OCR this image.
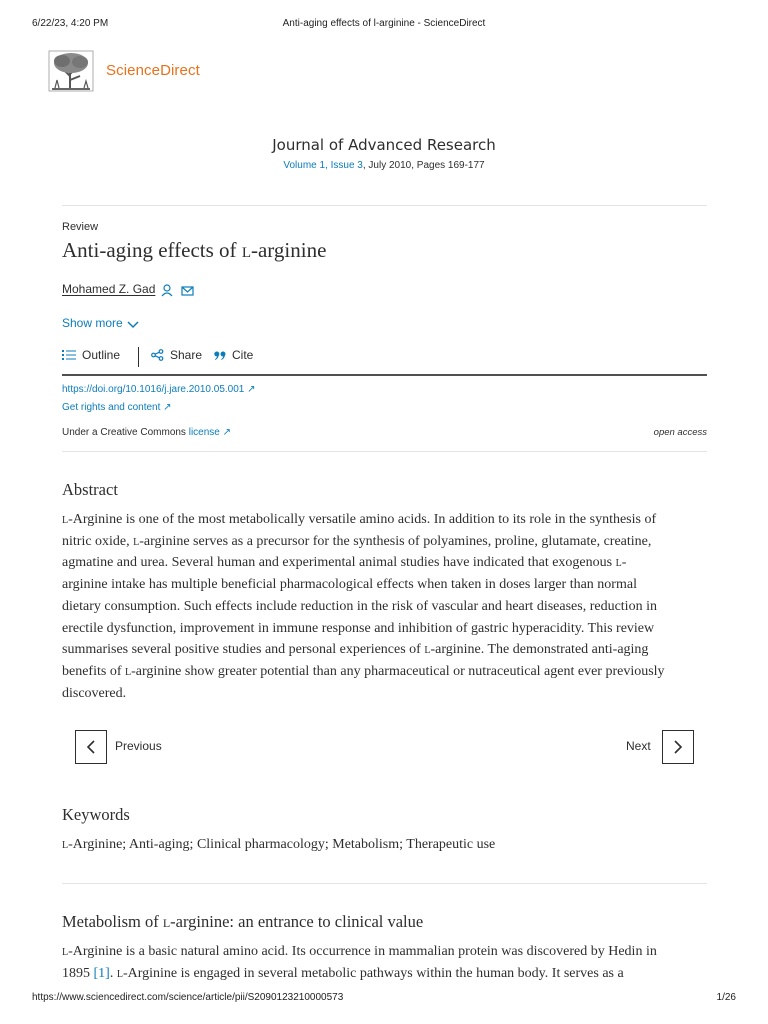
6/22/23, 4:20 PM	Anti-aging effects of l-arginine - ScienceDirect
ScienceDirect
Journal of Advanced Research
Volume 1, Issue 3, July 2010, Pages 169-177
Review
Anti-aging effects of l-arginine
Mohamed Z. Gad
Show more
Outline	Share	Cite
https://doi.org/10.1016/j.jare.2010.05.001 ↗
Get rights and content ↗
Under a Creative Commons license ↗	open access
Abstract
l-Arginine is one of the most metabolically versatile amino acids. In addition to its role in the synthesis of
nitric oxide, l-arginine serves as a precursor for the synthesis of polyamines, proline, glutamate, creatine,
agmatine and urea. Several human and experimental animal studies have indicated that exogenous l-
arginine intake has multiple beneficial pharmacological effects when taken in doses larger than normal
dietary consumption. Such effects include reduction in the risk of vascular and heart diseases, reduction in
erectile dysfunction, improvement in immune response and inhibition of gastric hyperacidity. This review
summarises several positive studies and personal experiences of l-arginine. The demonstrated anti-aging
benefits of l-arginine show greater potential than any pharmaceutical or nutraceutical agent ever previously
discovered.
Previous	Next
Keywords
l-Arginine; Anti-aging; Clinical pharmacology; Metabolism; Therapeutic use
Metabolism of l-arginine: an entrance to clinical value
l-Arginine is a basic natural amino acid. Its occurrence in mammalian protein was discovered by Hedin in
1895 [1]. l-Arginine is engaged in several metabolic pathways within the human body. It serves as a
https://www.sciencedirect.com/science/article/pii/S2090123210000573	1/26
